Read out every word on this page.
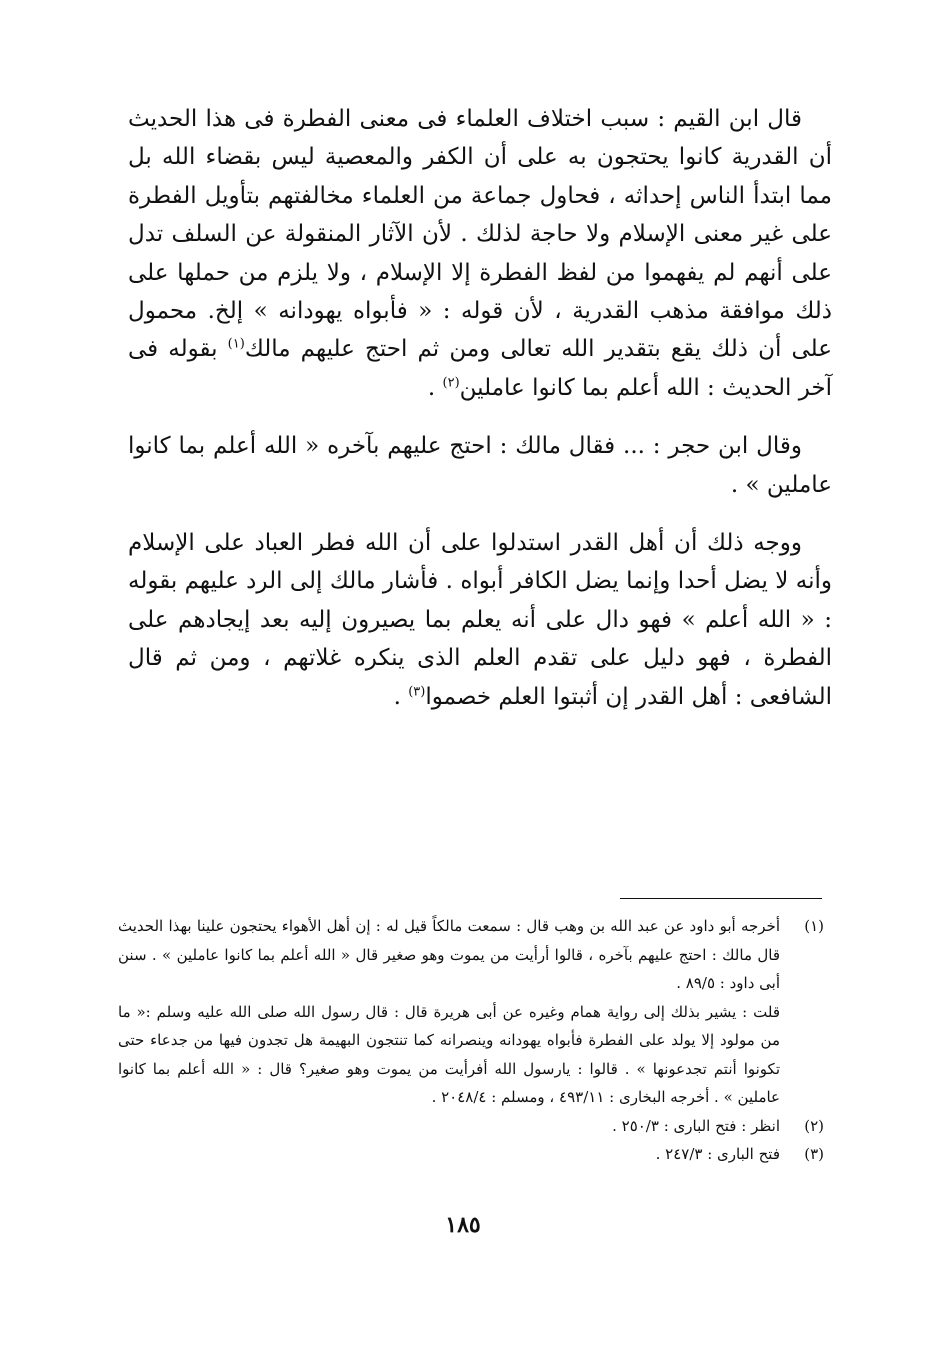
قال ابن القيم : سبب اختلاف العلماء فى معنى الفطرة فى هذا الحديث أن القدرية كانوا يحتجون به على أن الكفر والمعصية ليس بقضاء الله بل مما ابتدأ الناس إحداثه ، فحاول جماعة من العلماء مخالفتهم بتأويل الفطرة على غير معنى الإسلام ولا حاجة لذلك . لأن الآثار المنقولة عن السلف تدل على أنهم لم يفهموا من لفظ الفطرة إلا الإسلام ، ولا يلزم من حملها على ذلك موافقة مذهب القدرية ، لأن قوله : « فأبواه يهودانه » إلخ. محمول على أن ذلك يقع بتقدير الله تعالى ومن ثم احتج عليهم مالك$^{(١)}$ بقوله فى آخر الحديث : الله أعلم بما كانوا عاملين$^{(٢)}$ .

وقال ابن حجر : ... فقال مالك : احتج عليهم بآخره « الله أعلم بما كانوا عاملين » .

ووجه ذلك أن أهل القدر استدلوا على أن الله فطر العباد على الإسلام وأنه لا يضل أحدا وإنما يضل الكافر أبواه . فأشار مالك إلى الرد عليهم بقوله : « الله أعلم » فهو دال على أنه يعلم بما يصيرون إليه بعد إيجادهم على الفطرة ، فهو دليل على تقدم العلم الذى ينكره غلاتهم ، ومن ثم قال الشافعى : أهل القدر إن أثبتوا العلم خصموا$^{(٣)}$ .

(١)
أخرجه أبو داود عن عبد الله بن وهب قال : سمعت مالكاً قيل له : إن أهل الأهواء يحتجون علينا بهذا الحديث قال مالك : احتج عليهم بآخره ، قالوا أرأيت من يموت وهو صغير قال « الله أعلم بما كانوا عاملين » . سنن أبى داود : ٨٩/٥ .

قلت : يشير بذلك إلى رواية همام وغيره عن أبى هريرة قال : قال رسول الله صلى الله عليه وسلم :« ما من مولود إلا يولد على الفطرة فأبواه يهودانه وينصرانه كما تنتجون البهيمة هل تجدون فيها من جدعاء حتى تكونوا أنتم تجدعونها » . قالوا : يارسول الله أفرأيت من يموت وهو صغير؟ قال : « الله أعلم بما كانوا عاملين » . أخرجه البخارى : ٤٩٣/١١ ، ومسلم : ٢٠٤٨/٤ .

(٢)
انظر : فتح البارى : ٢٥٠/٣ .

(٣)
فتح البارى : ٢٤٧/٣ .

١٨٥
